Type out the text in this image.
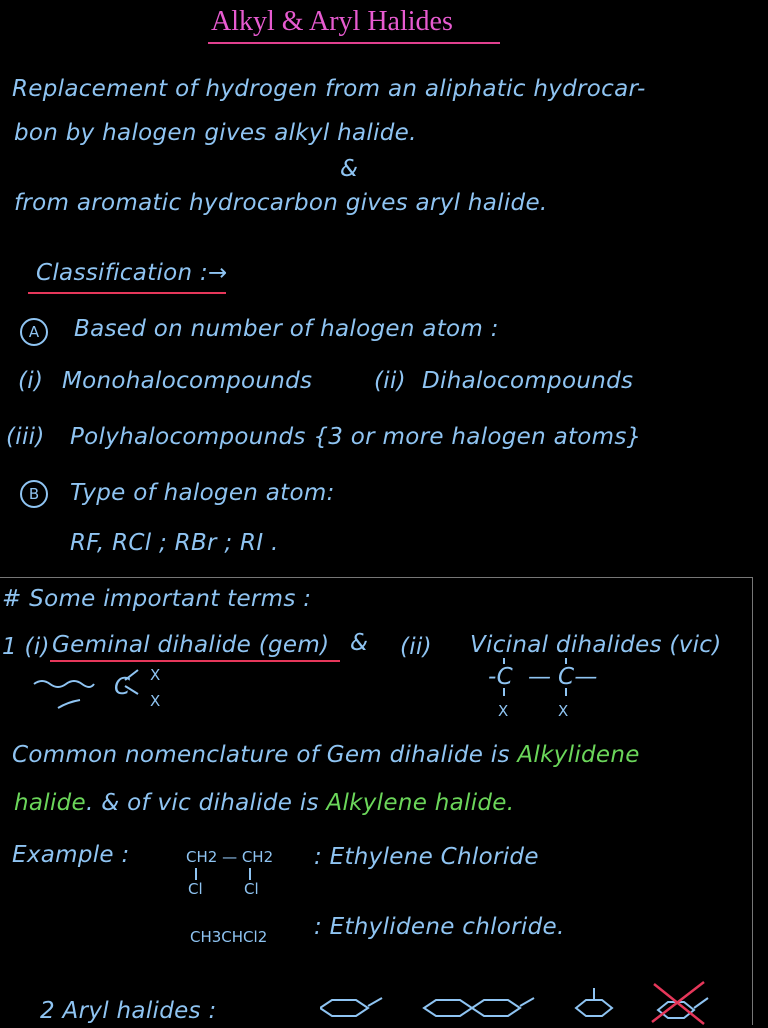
Alkyl & Aryl Halides
Replacement of hydrogen from an aliphatic hydrocar-
bon by halogen gives alkyl halide.
&
from aromatic hydrocarbon gives aryl halide.
Classification :→
A	Based on number of halogen atom :
(i) Monohalocompounds	(ii) Dihalocompounds
(iii) Polyhalocompounds {3 or more halogen atoms}
B	Type of halogen atom:
RF, RCl ; RBr ; RI .
# Some important terms :
1 (i) Geminal dihalide (gem) & (ii) Vicinal dihalides (vic)
C X
X
-C — C—
X	X
Common nomenclature of Gem dihalide is Alkylidene
halide. & of vic dihalide is Alkylene halide.
Example :	CH2 — CH2
Cl	Cl
: Ethylene Chloride
CH3CHCl2 : Ethylidene chloride.
2 Aryl halides :
